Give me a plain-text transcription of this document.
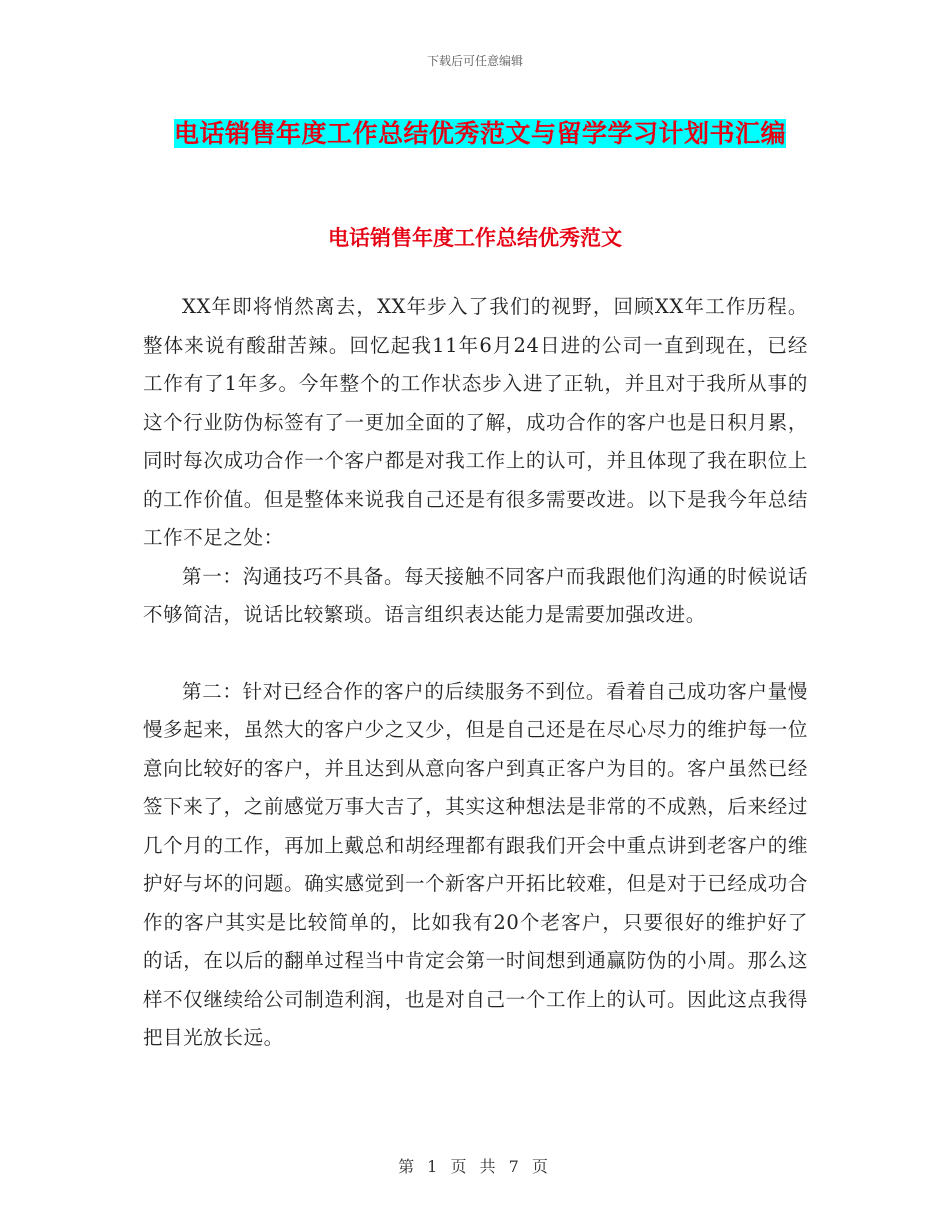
下载后可任意编辑
电话销售年度工作总结优秀范文与留学学习计划书汇编
电话销售年度工作总结优秀范文

XX年即将悄然离去，XX年步入了我们的视野，回顾XX年工作历程。整体来说有酸甜苦辣。回忆起我11年6月24日进的公司一直到现在，已经工作有了1年多。今年整个的工作状态步入进了正轨，并且对于我所从事的这个行业防伪标签有了一更加全面的了解，成功合作的客户也是日积月累，同时每次成功合作一个客户都是对我工作上的认可，并且体现了我在职位上的工作价值。但是整体来说我自己还是有很多需要改进。以下是我今年总结工作不足之处：

第一：沟通技巧不具备。每天接触不同客户而我跟他们沟通的时候说话不够简洁，说话比较繁琐。语言组织表达能力是需要加强改进。

第二：针对已经合作的客户的后续服务不到位。看着自己成功客户量慢慢多起来，虽然大的客户少之又少，但是自己还是在尽心尽力的维护每一位意向比较好的客户，并且达到从意向客户到真正客户为目的。客户虽然已经签下来了，之前感觉万事大吉了，其实这种想法是非常的不成熟，后来经过几个月的工作，再加上戴总和胡经理都有跟我们开会中重点讲到老客户的维护好与坏的问题。确实感觉到一个新客户开拓比较难，但是对于已经成功合作的客户其实是比较简单的，比如我有20个老客户，只要很好的维护好了的话，在以后的翻单过程当中肯定会第一时间想到通赢防伪的小周。那么这样不仅继续给公司制造利润，也是对自己一个工作上的认可。因此这点我得把目光放长远。

第 1 页 共 7 页
